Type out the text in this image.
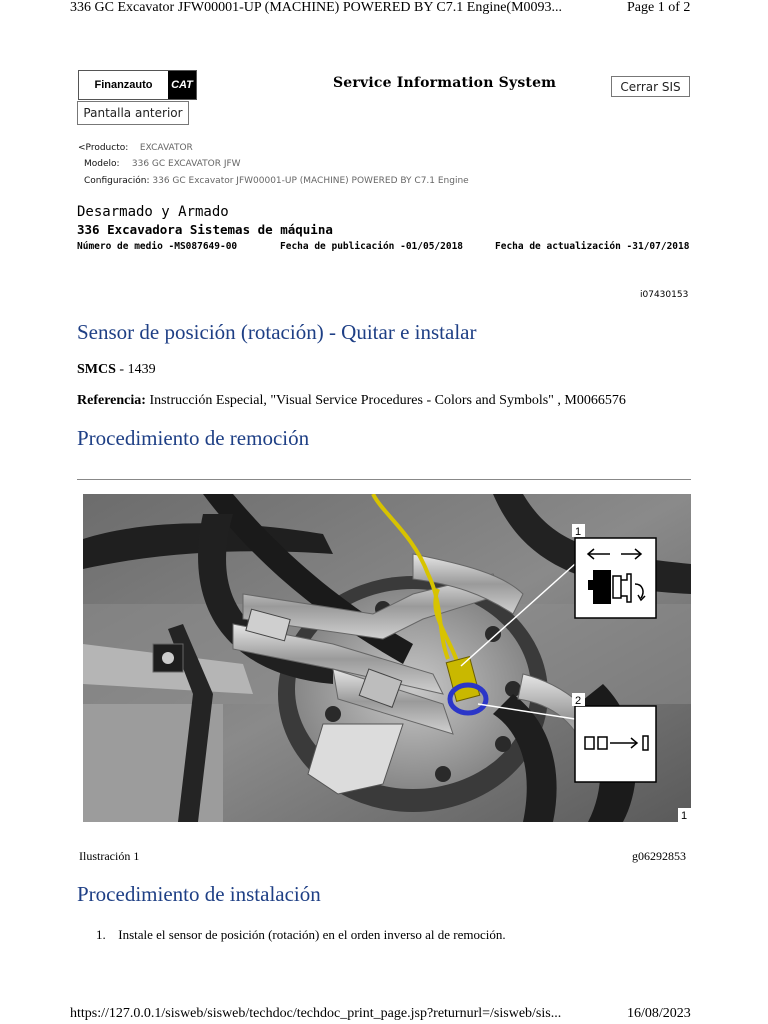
336 GC Excavator JFW00001-UP (MACHINE) POWERED BY C7.1 Engine(M0093...	Page 1 of 2
Finanzauto	CAT
Pantalla anterior
Service Information System	Cerrar SIS
<Producto: EXCAVATOR
Modelo: 336 GC EXCAVATOR JFW
Configuración: 336 GC Excavator JFW00001-UP (MACHINE) POWERED BY C7.1 Engine
Desarmado y Armado
336 Excavadora Sistemas de máquina
Número de medio -MS087649-00	Fecha de publicación -01/05/2018	Fecha de actualización -31/07/2018
i07430153
Sensor de posición (rotación) - Quitar e instalar
SMCS - 1439
Referencia: Instrucción Especial, "Visual Service Procedures - Colors and Symbols" , M0066576
Procedimiento de remoción
1
2
1
Ilustración 1	g06292853
Procedimiento de instalación
1. Instale el sensor de posición (rotación) en el orden inverso al de remoción.
https://127.0.0.1/sisweb/sisweb/techdoc/techdoc_print_page.jsp?returnurl=/sisweb/sis...	16/08/2023
